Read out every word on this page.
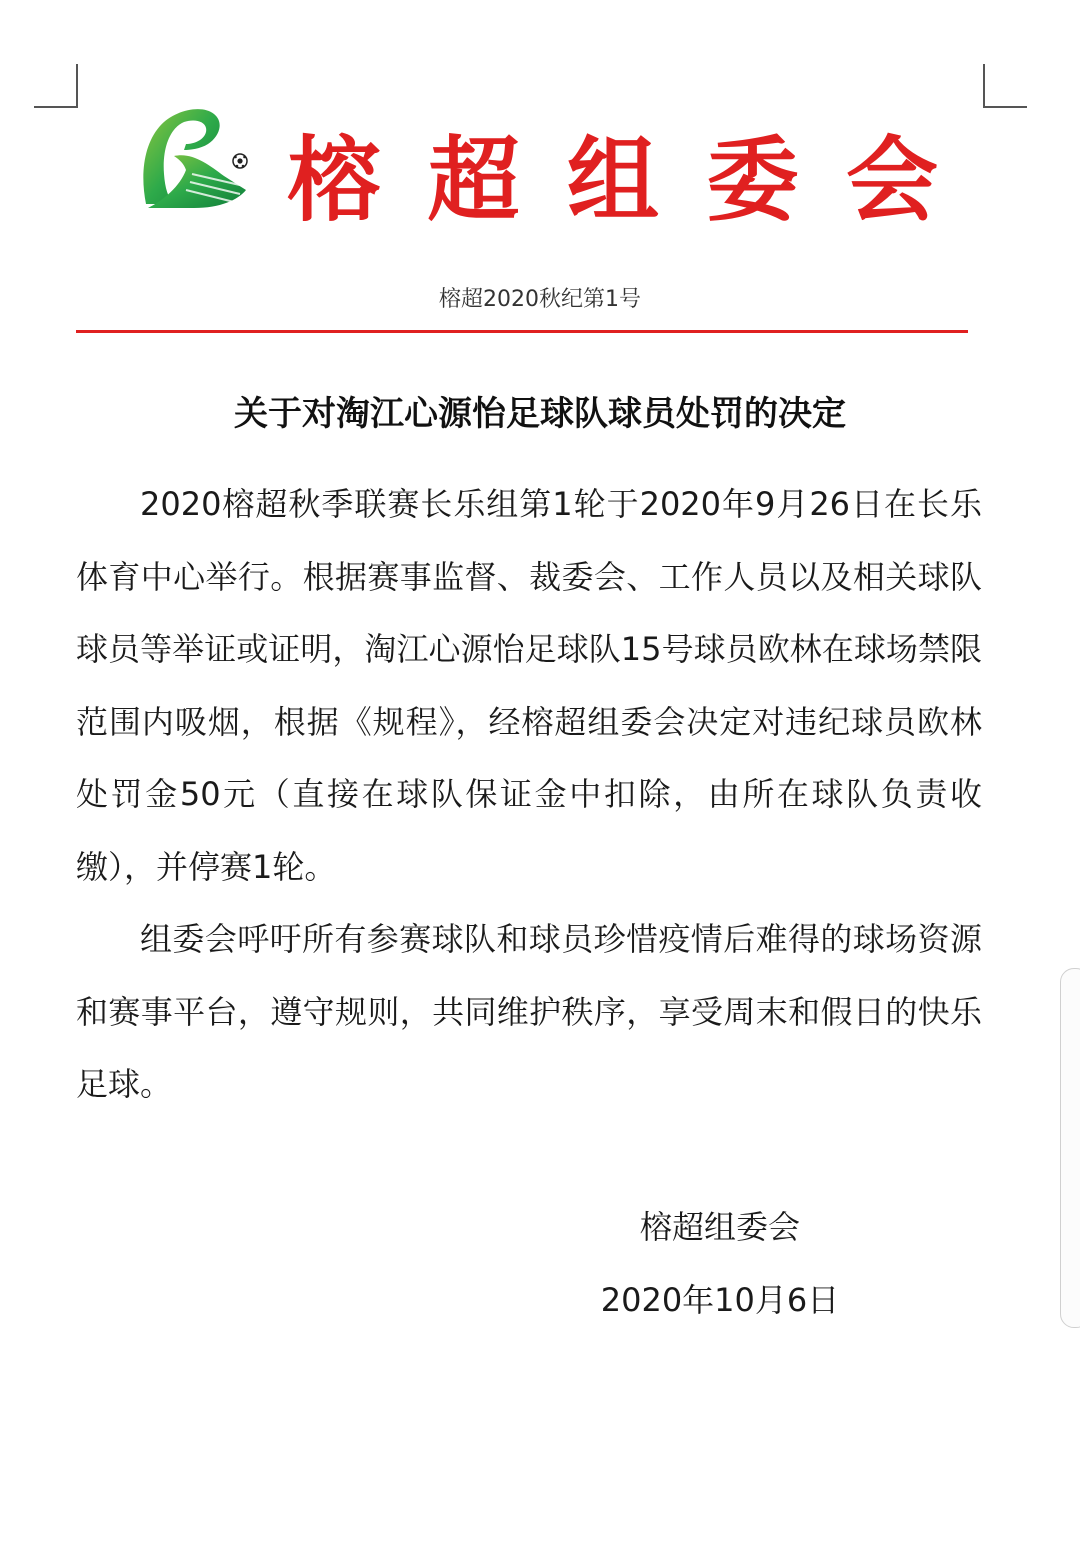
榕 超 组 委 会
榕超2020秋纪第1号
关于对淘江心源怡足球队球员处罚的决定

2020榕超秋季联赛长乐组第1轮于2020年9月26日在长乐体育中心举行。根据赛事监督、裁委会、工作人员以及相关球队球员等举证或证明，淘江心源怡足球队15号球员欧林在球场禁限范围内吸烟，根据《规程》，经榕超组委会决定对违纪球员欧林处罚金50元（直接在球队保证金中扣除，由所在球队负责收缴），并停赛1轮。

组委会呼吁所有参赛球队和球员珍惜疫情后难得的球场资源和赛事平台，遵守规则，共同维护秩序，享受周末和假日的快乐足球。

榕超组委会
2020年10月6日
